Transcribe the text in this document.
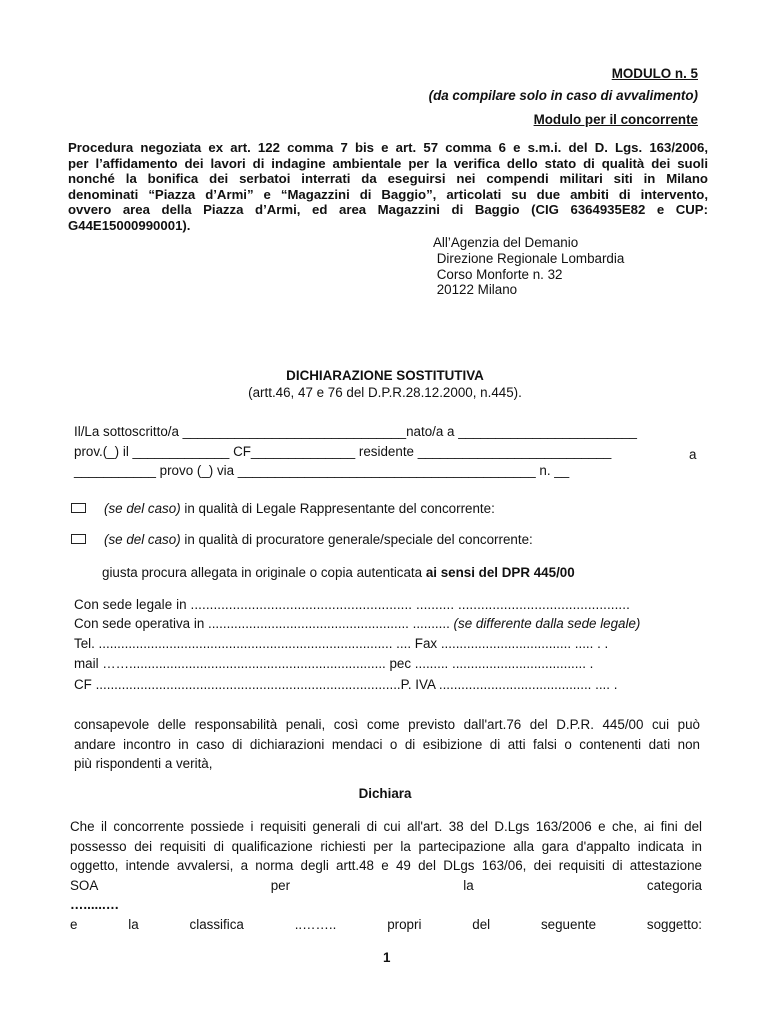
MODULO n. 5
(da compilare solo in caso di avvalimento)
Modulo per il concorrente
Procedura negoziata ex art. 122 comma 7 bis e art. 57 comma 6 e s.m.i. del D. Lgs. 163/2006,
per l’affidamento dei lavori di indagine ambientale per la verifica dello stato di qualità dei suoli
nonché la bonifica dei serbatoi interrati da eseguirsi nei compendi militari siti in Milano
denominati “Piazza d’Armi” e “Magazzini di Baggio”, articolati su due ambiti di intervento,
ovvero area della Piazza d’Armi, ed area Magazzini di Baggio (CIG 6364935E82 e CUP:
G44E15000990001).
All’Agenzia del Demanio
Direzione Regionale Lombardia
Corso Monforte n. 32
20122 Milano
DICHIARAZIONE SOSTITUTIVA
(artt.46, 47 e 76 del D.P.R.28.12.2000, n.445).
Il/La sottoscritto/a ______________________________nato/a a ________________________
prov.(_) il _____________ CF______________ residente __________________________	a
___________ provo (_) via ________________________________________ n. __
(se del caso) in qualità di Legale Rappresentante del concorrente:
(se del caso) in qualità di procuratore generale/speciale del concorrente:
giusta procura allegata in originale o copia autenticata ai sensi del DPR 445/00
Con sede legale in .......................................................... .......... .............................................
Con sede operativa in ...................................................... .......... (se differente dalla sede legale)
Tel. ............................................................................... .... Fax ................................... ..... . .
mail ……..................................................................... pec ......... .................................... .
CF ..................................................................................P. IVA ......................................... .... .
consapevole delle responsabilità penali, così come previsto dall'art.76 del D.P.R. 445/00 cui può
andare incontro in caso di dichiarazioni mendaci o di esibizione di atti falsi o contenenti dati non
più rispondenti a verità,
Dichiara
Che il concorrente possiede i requisiti generali di cui all'art. 38 del D.Lgs 163/2006 e che, ai fini del
possesso dei requisiti di qualificazione richiesti per la partecipazione alla gara d'appalto indicata in
oggetto, intende avvalersi, a norma degli artt.48 e 49 del DLgs 163/06, dei requisiti di attestazione
SOA per la categoria
…......…
e la classifica ..…….. propri del seguente soggetto:
1
